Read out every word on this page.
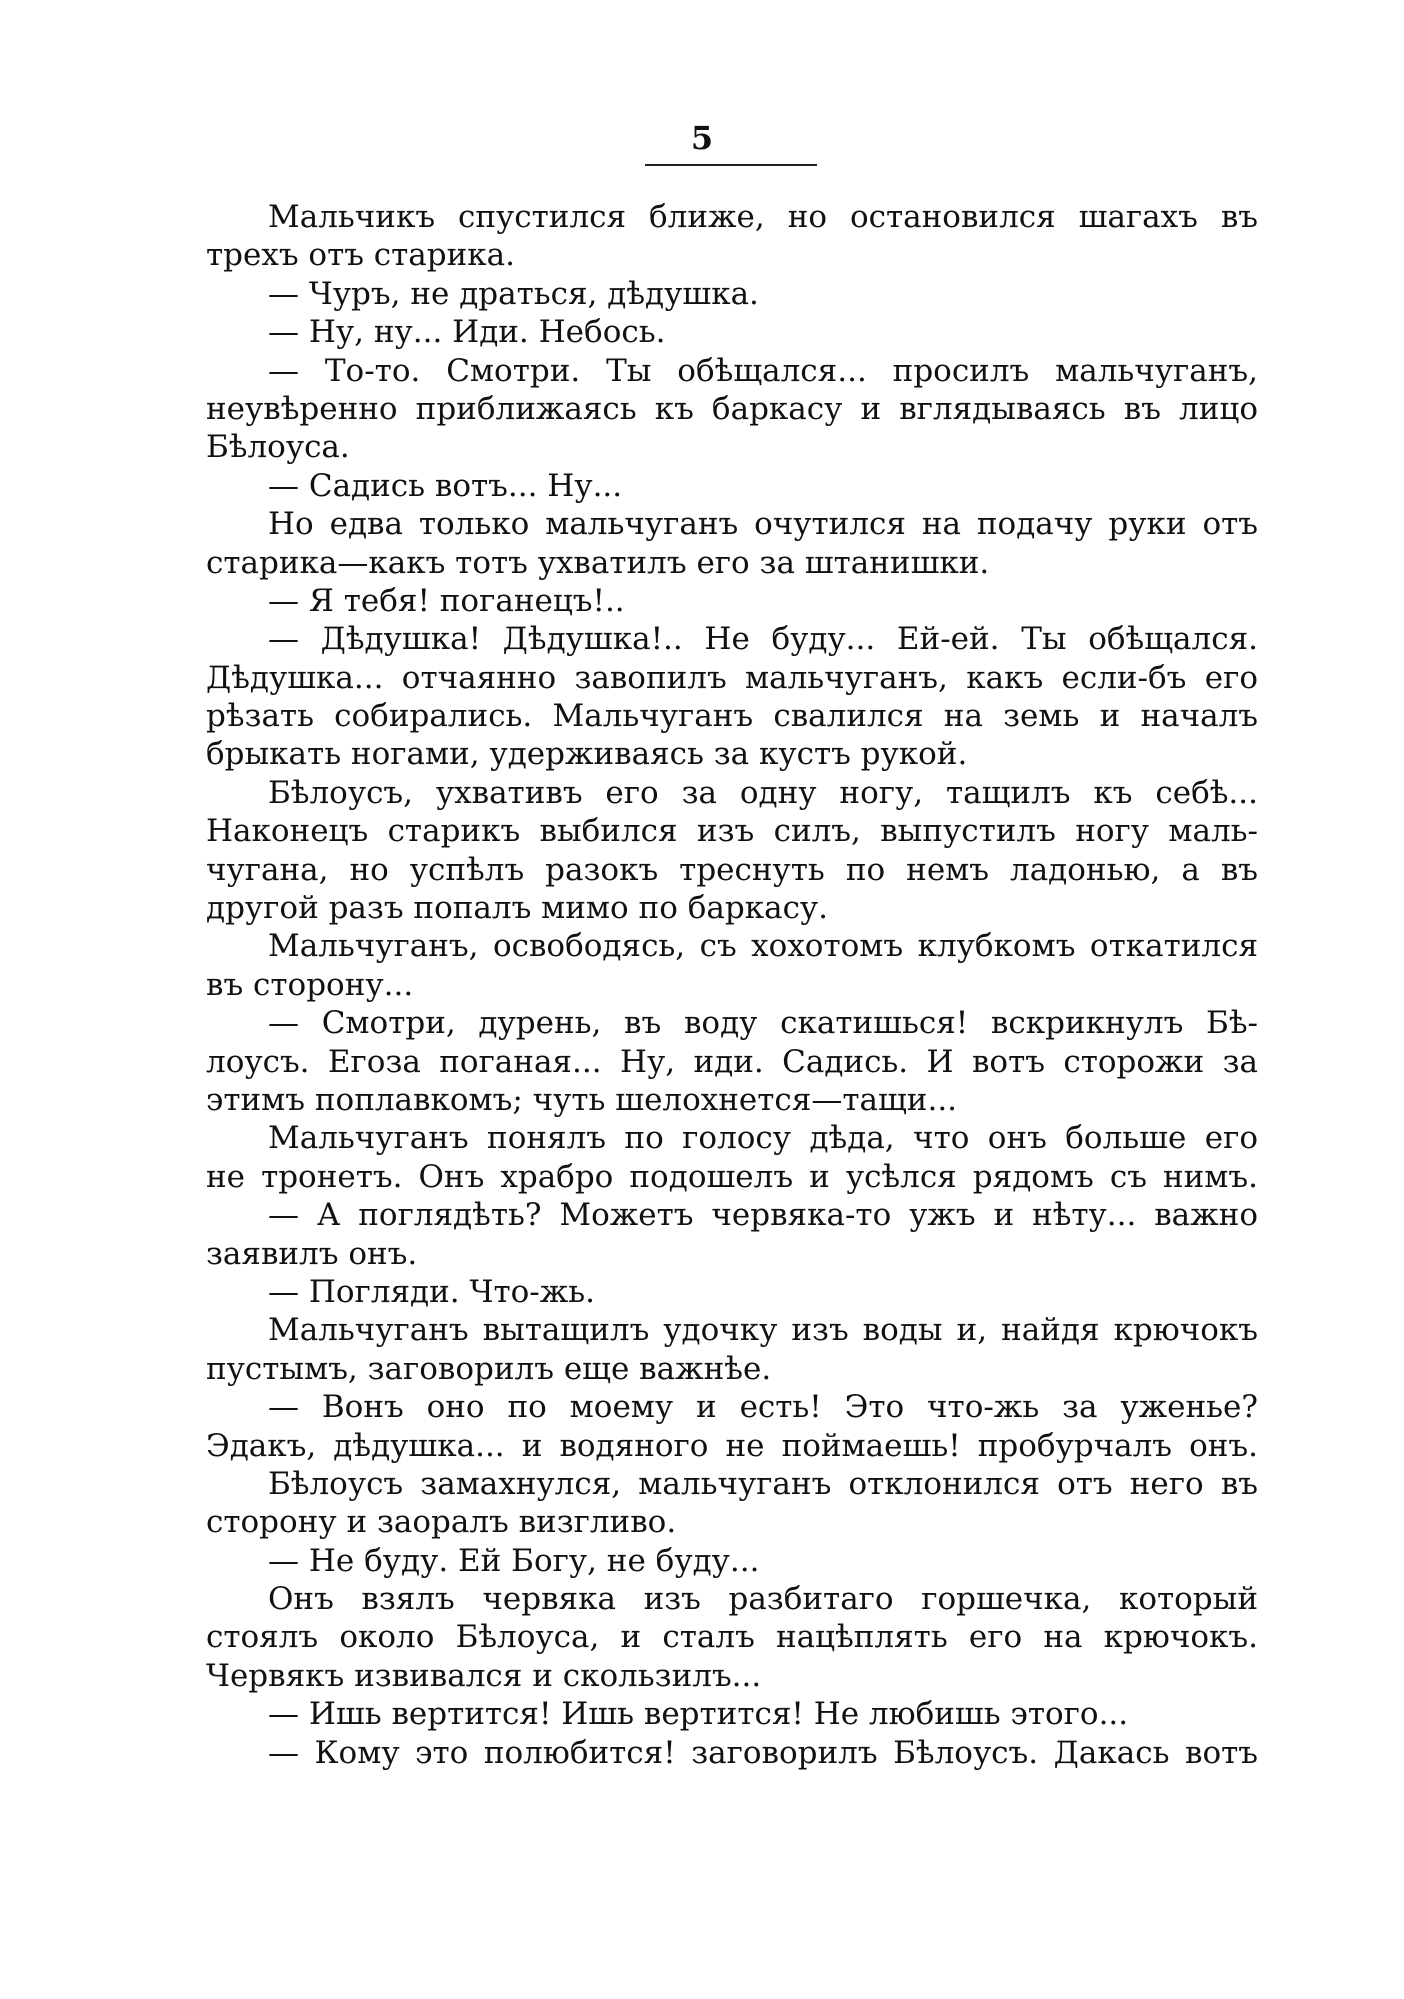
5
Мальчикъ спустился ближе, но остановился шагахъ въ
трехъ отъ старика.
— Чуръ, не драться, дѣдушка.
— Ну, ну... Иди. Небось.
— То-то. Смотри. Ты обѣщался... просилъ мальчуганъ,
неувѣренно приближаясь къ баркасу и вглядываясь въ лицо
Бѣлоуса.
— Садись вотъ... Ну...
Но едва только мальчуганъ очутился на подачу руки отъ
старика—какъ тотъ ухватилъ его за штанишки.
— Я тебя! поганецъ!..
— Дѣдушка! Дѣдушка!.. Не буду... Ей-ей. Ты обѣщался.
Дѣдушка... отчаянно завопилъ мальчуганъ, какъ если-бъ его
рѣзать собирались. Мальчуганъ свалился на земь и началъ
брыкать ногами, удерживаясь за кустъ рукой.
Бѣлоусъ, ухвативъ его за одну ногу, тащилъ къ себѣ...
Наконецъ старикъ выбился изъ силъ, выпустилъ ногу маль-
чугана, но успѣлъ разокъ треснуть по немъ ладонью, а въ
другой разъ попалъ мимо по баркасу.
Мальчуганъ, освободясь, съ хохотомъ клубкомъ откатился
въ сторону...
— Смотри, дурень, въ воду скатишься! вскрикнулъ Бѣ-
лоусъ. Егоза поганая... Ну, иди. Садись. И вотъ сторожи за
этимъ поплавкомъ; чуть шелохнется—тащи...
Мальчуганъ понялъ по голосу дѣда, что онъ больше его
не тронетъ. Онъ храбро подошелъ и усѣлся рядомъ съ нимъ.
— А поглядѣть? Можетъ червяка-то ужъ и нѣту... важно
заявилъ онъ.
— Погляди. Что-жь.
Мальчуганъ вытащилъ удочку изъ воды и, найдя крючокъ
пустымъ, заговорилъ еще важнѣе.
— Вонъ оно по моему и есть! Это что-жь за уженье?
Эдакъ, дѣдушка... и водяного не поймаешь! пробурчалъ онъ.
Бѣлоусъ замахнулся, мальчуганъ отклонился отъ него въ
сторону и заоралъ визгливо.
— Не буду. Ей Богу, не буду...
Онъ взялъ червяка изъ разбитаго горшечка, который
стоялъ около Бѣлоуса, и сталъ нацѣплять его на крючокъ.
Червякъ извивался и скользилъ...
— Ишь вертится! Ишь вертится! Не любишь этого...
— Кому это полюбится! заговорилъ Бѣлоусъ. Дакась вотъ
